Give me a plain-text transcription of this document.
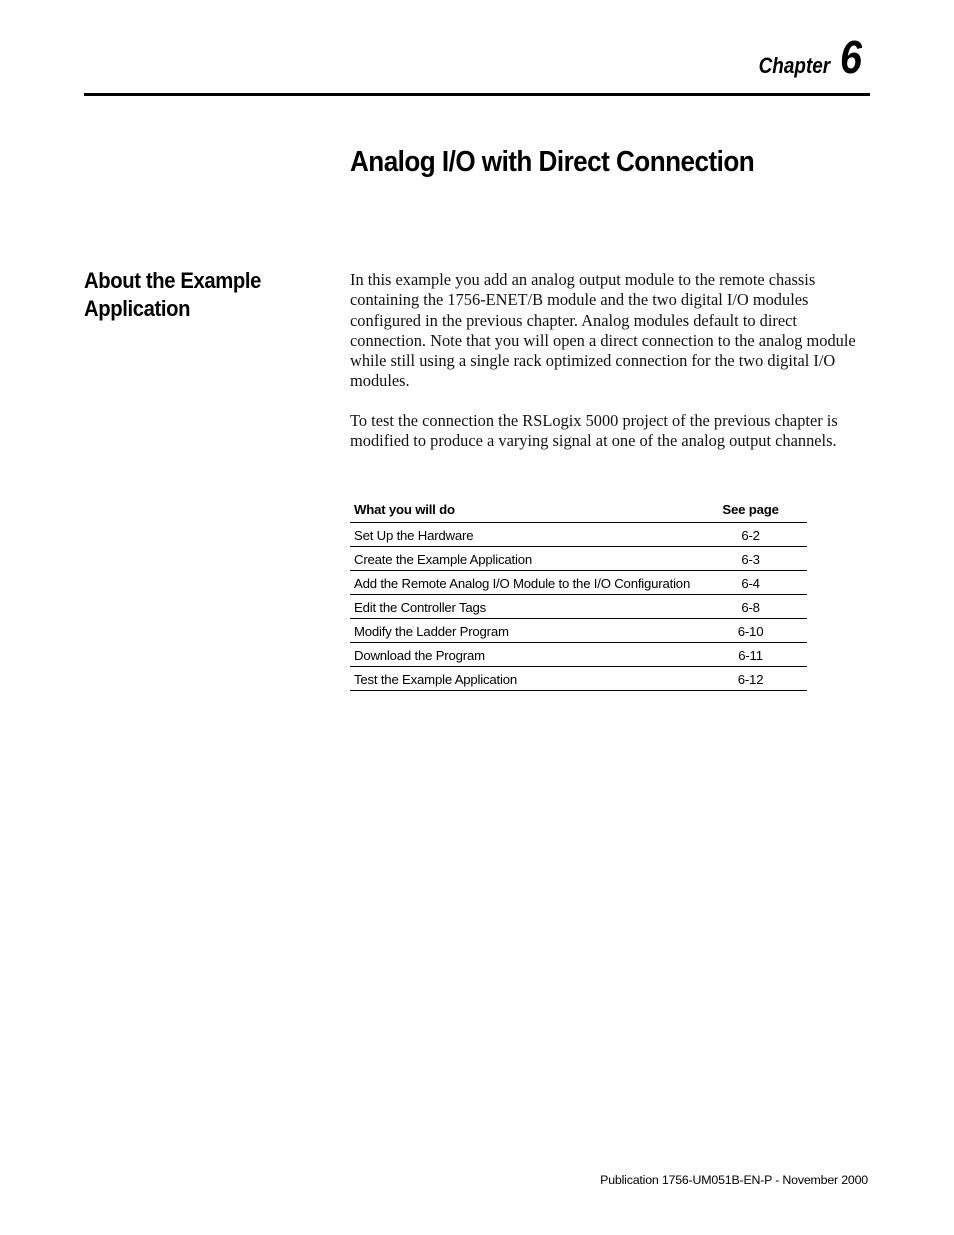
Chapter 6
Analog I/O with Direct Connection
About the Example Application

In this example you add an analog output module to the remote chassis containing the 1756-ENET/B module and the two digital I/O modules configured in the previous chapter. Analog modules default to direct connection. Note that you will open a direct connection to the analog module while still using a single rack optimized connection for the two digital I/O modules.

To test the connection the RSLogix 5000 project of the previous chapter is modified to produce a varying signal at one of the analog output channels.

What you will do	See page
Set Up the Hardware	6-2
Create the Example Application	6-3
Add the Remote Analog I/O Module to the I/O Configuration	6-4
Edit the Controller Tags	6-8
Modify the Ladder Program	6-10
Download the Program	6-11
Test the Example Application	6-12

Publication 1756-UM051B-EN-P - November 2000
